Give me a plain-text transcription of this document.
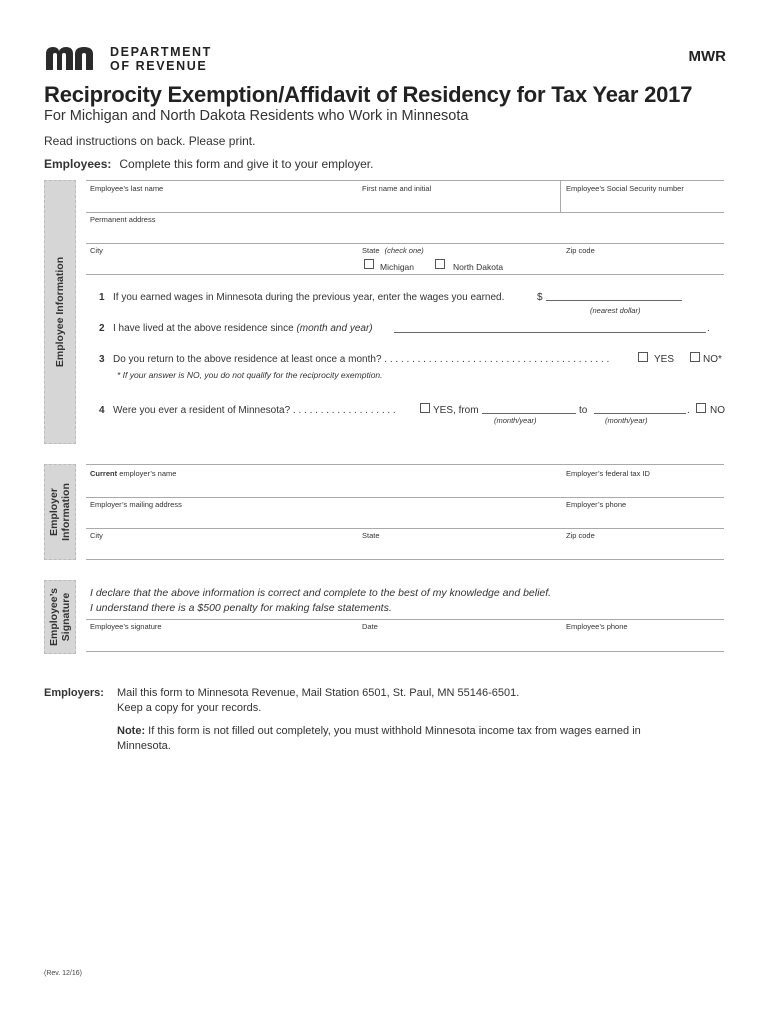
DEPARTMENT
OF REVENUE
MWR
Reciprocity Exemption/Affidavit of Residency for Tax Year 2017
For Michigan and North Dakota Residents who Work in Minnesota
Read instructions on back. Please print.
Employees: Complete this form and give it to your employer.
Employee Information
Employee’s last name	First name and initial	Employee’s Social Security number
Permanent address
City	State (check one)	Zip code
Michigan	North Dakota
1 If you earned wages in Minnesota during the previous year, enter the wages you earned.	$
(nearest dollar)
2 I have lived at the above residence since (month and year)	.
3 Do you return to the above residence at least once a month? . . . . . . . . . . . . . . . . . . . . . . . . . . . . . . . . . . . . . . . . .	YES	NO*
* If your answer is NO, you do not qualify for the reciprocity exemption.
4 Were you ever a resident of Minnesota? . . . . . . . . . . . . . . . . . . .	YES, from	to	. NO
(month/year)	(month/year)
Employer Information
Current employer’s name	Employer’s federal tax ID
Employer’s mailing address	Employer’s phone
City	State	Zip code
Employee’s Signature I declare that the above information is correct and complete to the best of my knowledge and belief.
I understand there is a $500 penalty for making false statements.
Employee’s signature	Date	Employee’s phone
Employers: Mail this form to Minnesota Revenue, Mail Station 6501, St. Paul, MN 55146-6501.
Keep a copy for your records.
Note: If this form is not filled out completely, you must withhold Minnesota income tax from wages earned in
Minnesota.
(Rev. 12/16)
